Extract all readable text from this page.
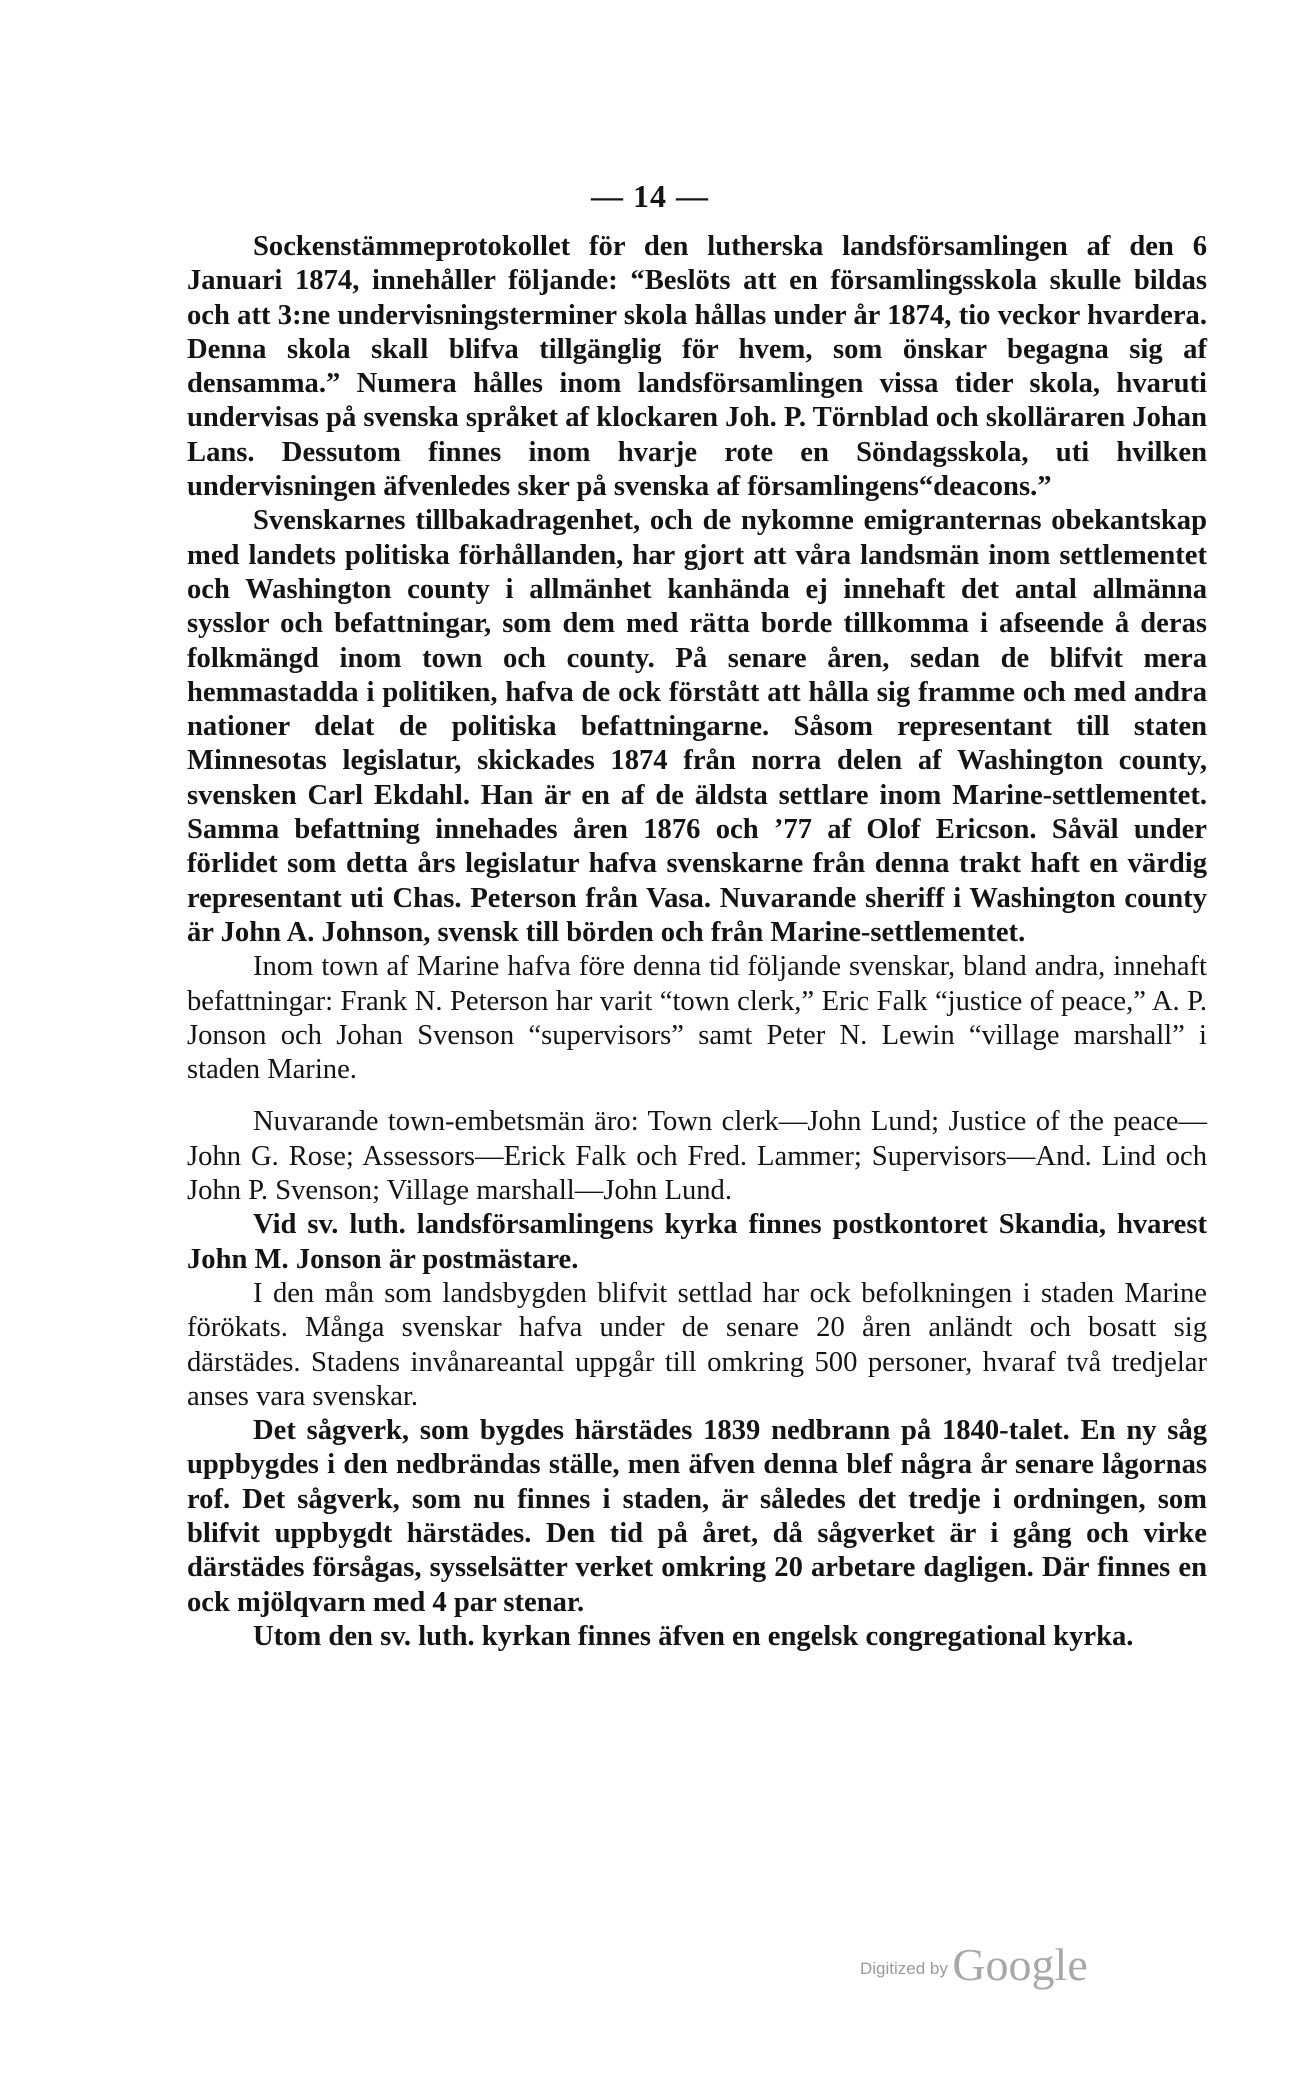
— 14 —

Sockenstämmeprotokollet för den lutherska landsförsamlingen af den 6 Januari 1874, innehåller följande: “Beslöts att en församlingsskola skulle bildas och att 3:ne undervisningsterminer skola hållas under år 1874, tio veckor hvardera. Denna skola skall blifva tillgänglig för hvem, som önskar begagna sig af densamma.” Numera hålles inom landsförsamlingen vissa tider skola, hvaruti undervisas på svenska språket af klockaren Joh. P. Törnblad och skolläraren Johan Lans. Dessutom finnes inom hvarje rote en Söndagsskola, uti hvilken undervisningen äfvenledes sker på svenska af församlingens“deacons.”

Svenskarnes tillbakadragenhet, och de nykomne emigranternas obekantskap med landets politiska förhållanden, har gjort att våra landsmän inom settlementet och Washington county i allmänhet kanhända ej innehaft det antal allmänna sysslor och befattningar, som dem med rätta borde tillkomma i afseende å deras folkmängd inom town och county. På senare åren, sedan de blifvit mera hemmastadda i politiken, hafva de ock förstått att hålla sig framme och med andra nationer delat de politiska befattningarne. Såsom representant till staten Minnesotas legislatur, skickades 1874 från norra delen af Washington county, svensken Carl Ekdahl. Han är en af de äldsta settlare inom Marine-settlementet. Samma befattning innehades åren 1876 och ’77 af Olof Ericson. Såväl under förlidet som detta års legislatur hafva svenskarne från denna trakt haft en värdig representant uti Chas. Peterson från Vasa. Nuvarande sheriff i Washington county är John A. Johnson, svensk till börden och från Marine-settlementet.

Inom town af Marine hafva före denna tid följande svenskar, bland andra, innehaft befattningar: Frank N. Peterson har varit “town clerk,” Eric Falk “justice of peace,” A. P. Jonson och Johan Svenson “supervisors” samt Peter N. Lewin “village marshall” i staden Marine.

Nuvarande town-embetsmän äro: Town clerk—John Lund; Justice of the peace—John G. Rose; Assessors—Erick Falk och Fred. Lammer; Supervisors—And. Lind och John P. Svenson; Village marshall—John Lund.

Vid sv. luth. landsförsamlingens kyrka finnes postkontoret Skandia, hvarest John M. Jonson är postmästare.

I den mån som landsbygden blifvit settlad har ock befolkningen i staden Marine förökats. Många svenskar hafva under de senare 20 åren anländt och bosatt sig därstädes. Stadens invånareantal uppgår till omkring 500 personer, hvaraf två tredjelar anses vara svenskar.

Det sågverk, som bygdes härstädes 1839 nedbrann på 1840-talet. En ny såg uppbygdes i den nedbrändas ställe, men äfven denna blef några år senare lågornas rof. Det sågverk, som nu finnes i staden, är således det tredje i ordningen, som blifvit uppbygdt härstädes. Den tid på året, då sågverket är i gång och virke därstädes försågas, sysselsätter verket omkring 20 arbetare dagligen. Där finnes en ock mjölqvarn med 4 par stenar.

Utom den sv. luth. kyrkan finnes äfven en engelsk congregational kyrka.

Digitized by Google
